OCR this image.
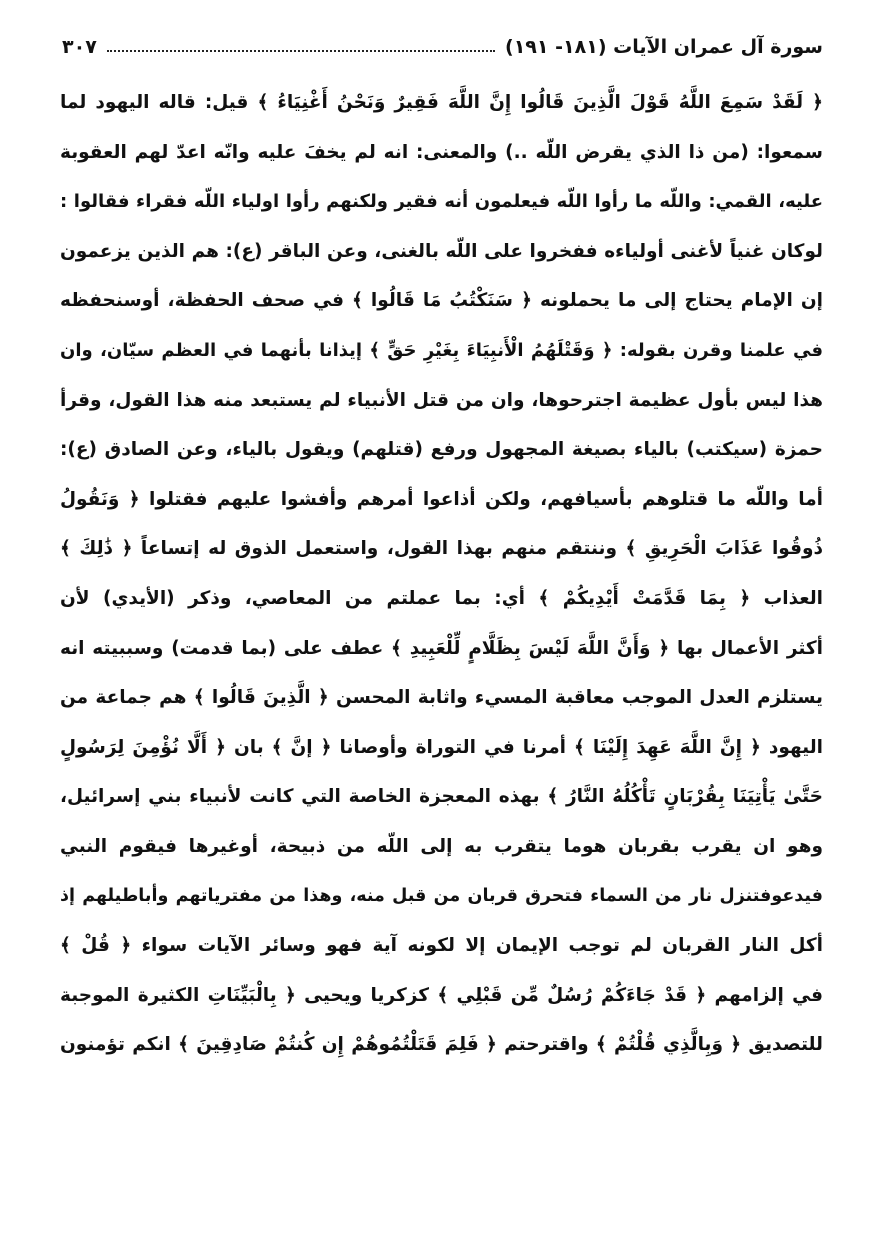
سورة آل عمران الآيات (١٨١- ١٩١)
٣٠٧
﴿ لَقَدْ سَمِعَ اللَّهُ قَوْلَ الَّذِينَ قَالُوا إِنَّ اللَّهَ فَقِيرٌ وَنَحْنُ أَغْنِيَاءُ ﴾ قيل: قاله اليهود لما
سمعوا: (من ذا الذي يقرض اللّه ..) والمعنى: انه لم يخفَ عليه وانّه اعدّ لهم العقوبة
عليه، القمي: واللّه ما رأوا اللّه فيعلمون أنه فقير ولكنهم رأوا اولياء اللّه فقراء فقالوا :
لوكان غنياً لأغنى أولياءه ففخروا على اللّه بالغنى، وعن الباقر (ع): هم الذين يزعمون
إن الإمام يحتاج إلى ما يحملونه ﴿ سَنَكْتُبُ مَا قَالُوا ﴾ في صحف الحفظة، أوسنحفظه
في علمنا وقرن بقوله: ﴿ وَقَتْلَهُمُ الْأَنبِيَاءَ بِغَيْرِ حَقٍّ ﴾ إيذانا بأنهما في العظم سيّان، وان
هذا ليس بأول عظيمة اجترحوها، وان من قتل الأنبياء لم يستبعد منه هذا القول، وقرأ
حمزة (سيكتب) بالياء بصيغة المجهول ورفع (قتلهم) ويقول بالياء، وعن الصادق (ع):
أما واللّه ما قتلوهم بأسيافهم، ولكن أذاعوا أمرهم وأفشوا عليهم فقتلوا ﴿ وَنَقُولُ
ذُوقُوا عَذَابَ الْحَرِيقِ ﴾ وننتقم منهم بهذا القول، واستعمل الذوق له إتساعاً ﴿ ذَٰلِكَ ﴾
العذاب ﴿ بِمَا قَدَّمَتْ أَيْدِيكُمْ ﴾ أي: بما عملتم من المعاصي، وذكر (الأيدي) لأن
أكثر الأعمال بها ﴿ وَأَنَّ اللَّهَ لَيْسَ بِظَلَّامٍ لِّلْعَبِيدِ ﴾ عطف على (بما قدمت) وسببيته انه
يستلزم العدل الموجب معاقبة المسيء واثابة المحسن ﴿ الَّذِينَ قَالُوا ﴾ هم جماعة من
اليهود ﴿ إِنَّ اللَّهَ عَهِدَ إِلَيْنَا ﴾ أمرنا في التوراة وأوصانا ﴿ إنَّ ﴾ بان ﴿ أَلَّا نُؤْمِنَ لِرَسُولٍ
حَتَّىٰ يَأْتِيَنَا بِقُرْبَانٍ تَأْكُلُهُ النَّارُ ﴾ بهذه المعجزة الخاصة التي كانت لأنبياء بني إسرائيل،
وهو ان يقرب بقربان هوما يتقرب به إلى اللّه من ذبيحة، أوغيرها فيقوم النبي
فيدعوفتنزل نار من السماء فتحرق قربان من قبل منه، وهذا من مفترياتهم وأباطيلهم إذ
أكل النار القربان لم توجب الإيمان إلا لكونه آية فهو وسائر الآيات سواء ﴿ قُلْ ﴾
في إلزامهم ﴿ قَدْ جَاءَكُمْ رُسُلٌ مِّن قَبْلِي ﴾ كزكريا ويحيى ﴿ بِالْبَيِّنَاتِ الكثيرة الموجبة
للتصديق ﴿ وَبِالَّذِي قُلْتُمْ ﴾ واقترحتم ﴿ فَلِمَ قَتَلْتُمُوهُمْ إِن كُنتُمْ صَادِقِينَ ﴾ انكم تؤمنون
